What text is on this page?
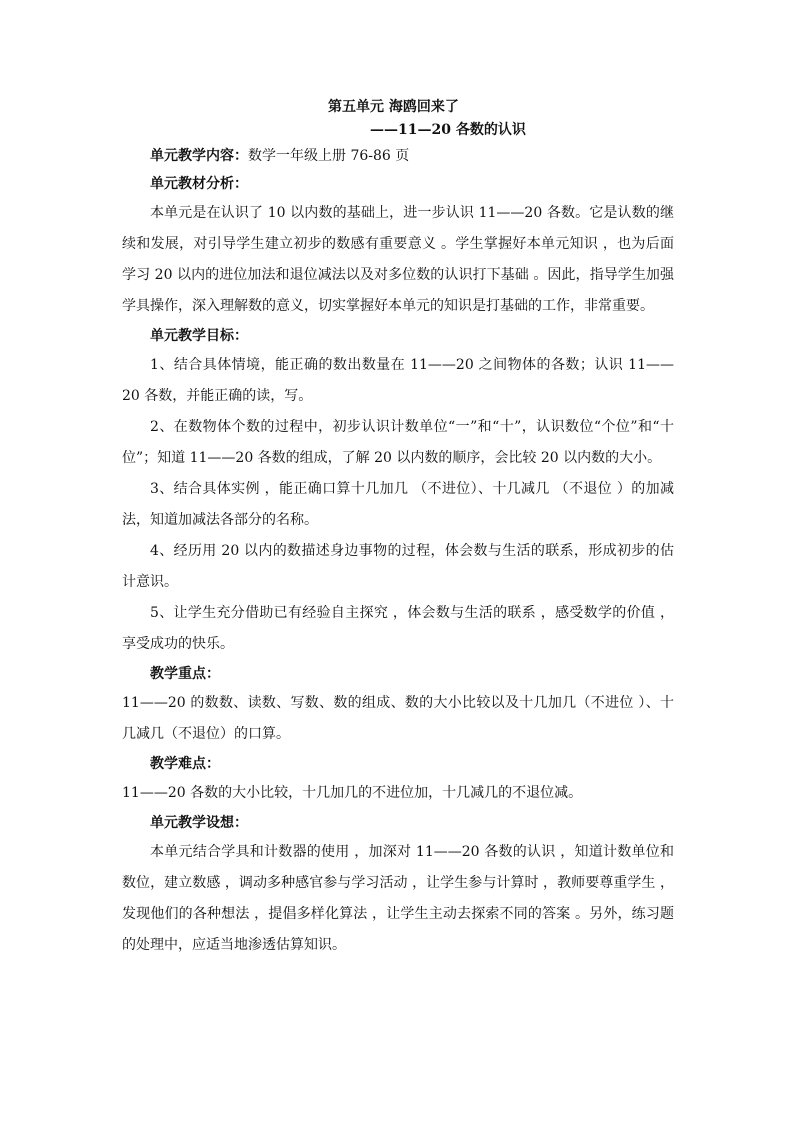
第五单元 海鸥回来了
——11—20 各数的认识
单元教学内容：数学一年级上册 76-86 页
单元教材分析：

本单元是在认识了 10 以内数的基础上，进一步认识 11——20 各数。它是认数的继续和发展，对引导学生建立初步的数感有重要意义 。学生掌握好本单元知识 ，也为后面学习 20 以内的进位加法和退位减法以及对多位数的认识打下基础 。因此，指导学生加强学具操作，深入理解数的意义，切实掌握好本单元的知识是打基础的工作，非常重要。

单元教学目标：

1、结合具体情境，能正确的数出数量在 11——20 之间物体的各数；认识 11——20 各数，并能正确的读，写。

2、在数物体个数的过程中，初步认识计数单位“一”和“十”，认识数位“个位”和“十位”；知道 11——20 各数的组成，了解 20 以内数的顺序，会比较 20 以内数的大小。

3、结合具体实例 ，能正确口算十几加几 （不进位）、十几减几 （不退位 ）的加减法，知道加减法各部分的名称。

4、经历用 20 以内的数描述身边事物的过程，体会数与生活的联系，形成初步的估计意识。

5、让学生充分借助已有经验自主探究 ，体会数与生活的联系 ，感受数学的价值 ，享受成功的快乐。

教学重点：

11——20 的数数、读数、写数、数的组成、数的大小比较以及十几加几（不进位 ）、十几减几（不退位）的口算。

教学难点：

11——20 各数的大小比较，十几加几的不进位加，十几减几的不退位减。

单元教学设想：

本单元结合学具和计数器的使用 ，加深对 11——20 各数的认识 ，知道计数单位和数位，建立数感 ，调动多种感官参与学习活动 ，让学生参与计算时 ，教师要尊重学生 ，发现他们的各种想法 ，提倡多样化算法 ，让学生主动去探索不同的答案 。另外，练习题的处理中，应适当地渗透估算知识。
